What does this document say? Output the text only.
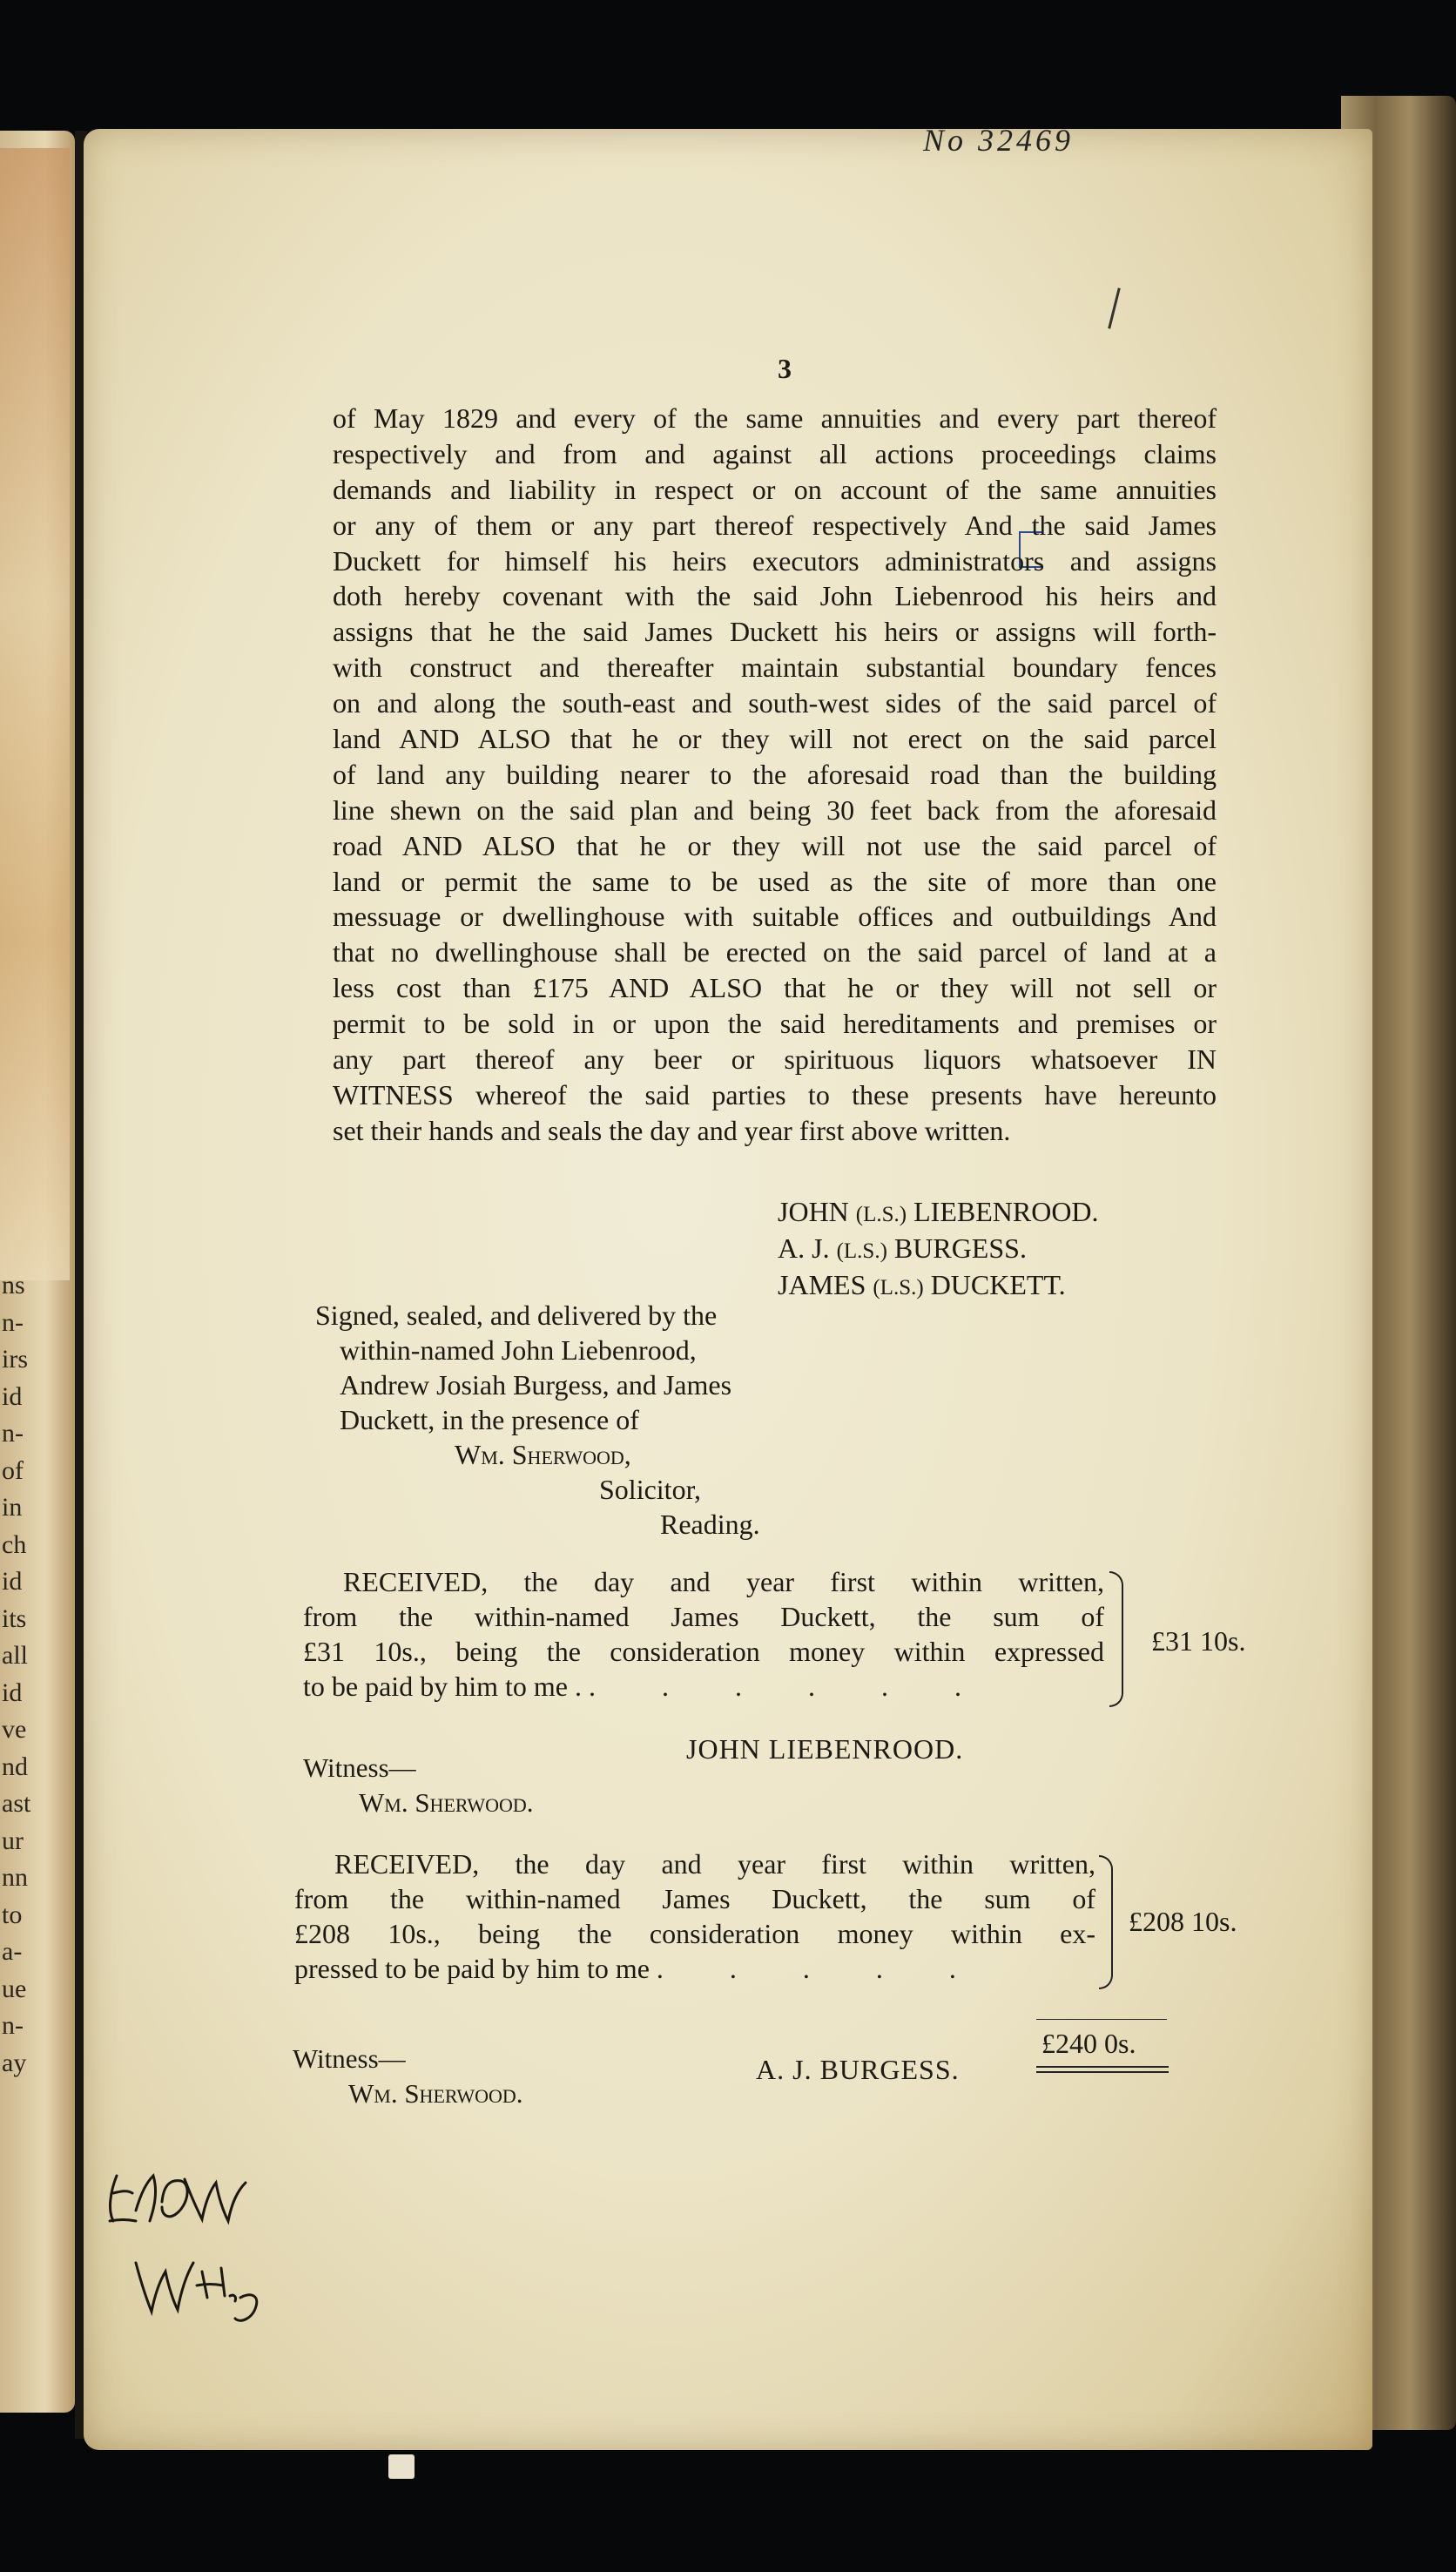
ns
n-
irs
id
n-
of
in
ch
id
its
all
id
ve
nd
ast
ur
nn
to
a-
ue
n-
ay
No 32469
3
of May 1829 and every of the same annuities and every part thereof
respectively and from and against all actions proceedings claims
demands and liability in respect or on account of the same annuities
or any of them or any part thereof respectively And the said James
Duckett for himself his heirs executors administrators and assigns
doth hereby covenant with the said John Liebenrood his heirs and
assigns that he the said James Duckett his heirs or assigns will forth-
with construct and thereafter maintain substantial boundary fences
on and along the south-east and south-west sides of the said parcel of
land AND ALSO that he or they will not erect on the said parcel
of land any building nearer to the aforesaid road than the building
line shewn on the said plan and being 30 feet back from the aforesaid
road AND ALSO that he or they will not use the said parcel of
land or permit the same to be used as the site of more than one
messuage or dwellinghouse with suitable offices and outbuildings And
that no dwellinghouse shall be erected on the said parcel of land at a
less cost than £175 AND ALSO that he or they will not sell or
permit to be sold in or upon the said hereditaments and premises or
any part thereof any beer or spirituous liquors whatsoever IN
WITNESS whereof the said parties to these presents have hereunto
set their hands and seals the day and year first above written.
JOHN (L.S.) LIEBENROOD.
A. J. (L.S.) BURGESS.
JAMES (L.S.) DUCKETT.
Signed, sealed, and delivered by the
within-named John Liebenrood,
Andrew Josiah Burgess, and James
Duckett, in the presence of
Wm. Sherwood,
Solicitor,
Reading.
RECEIVED, the day and year first within written,
from the within-named James Duckett, the sum of
£31 10s., being the consideration money within expressed
to be paid by him to me . . . . . . .
£31 10s.
JOHN LIEBENROOD.
Witness—
Wm. Sherwood.
RECEIVED, the day and year first within written,
from the within-named James Duckett, the sum of
£208 10s., being the consideration money within ex-
pressed to be paid by him to me . . . . .
£208 10s.
£240 0s.
Witness—
Wm. Sherwood.
A. J. BURGESS.
